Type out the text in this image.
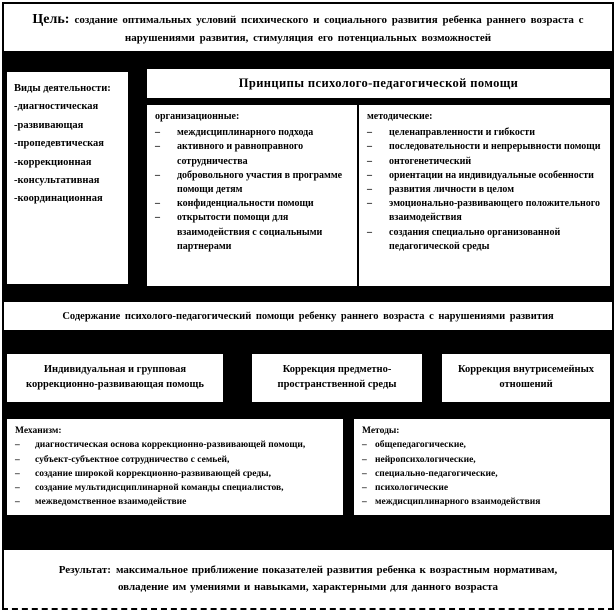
Цель: создание оптимальных условий психического и социального развития ребенка раннего возраста с нарушениями развития, стимуляция его потенциальных возможностей
Виды деятельности:
-диагностическая
-развивающая
-пропедевтическая
-коррекционная
-консультативная
-координационная
Принципы психолого-педагогической помощи
организационные:
–	междисциплинарного подхода
–	активного и равноправного сотрудничества
–	добровольного участия в программе помощи детям
–	конфиденциальности помощи
–	открытости помощи для взаимодействия с социальными партнерами
методические:
–	целенаправленности и гибкости
–	последовательности и непрерывности помощи
–	онтогенетический
–	ориентации на индивидуальные особенности
–	развития личности в целом
–	эмоционально-развивающего положительного взаимодействия
–	создания специально организованной педагогической среды
Содержание психолого-педагогический помощи ребенку раннего возраста с нарушениями развития
Индивидуальная и групповая коррекционно-развивающая помощь
Коррекция предметно-пространственной среды
Коррекция внутрисемейных отношений
Механизм:
–	диагностическая основа коррекционно-развивающей помощи,
–	субъект-субъектное сотрудничество с семьей,
–	создание широкой коррекционно-развивающей среды,
–	создание мультидисциплинарной команды специалистов,
–	межведомственное взаимодействие
Методы:
– общепедагогические,
– нейропсихологические,
– специально-педагогические,
– психологические
– междисциплинарного взаимодействия
Результат: максимальное приближение показателей развития ребенка к возрастным нормативам, овладение им умениями и навыками, характерными для данного возраста
